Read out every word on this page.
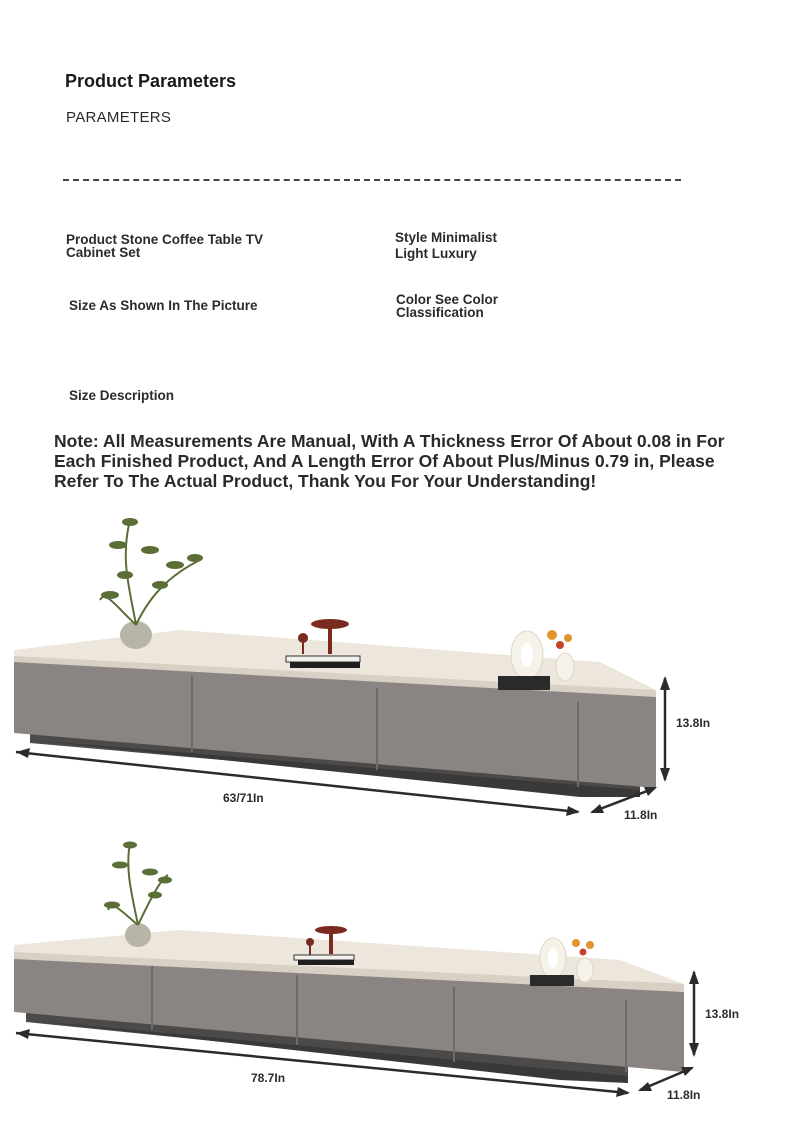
Product Parameters
PARAMETERS
Product Stone Coffee Table TV Cabinet Set
Style Minimalist Light Luxury
Size As Shown In The Picture	Color See Color Classification
Size Description
Note: All Measurements Are Manual, With A Thickness Error Of About 0.08 in For Each Finished Product, And A Length Error Of About Plus/Minus 0.79 in, Please Refer To The Actual Product, Thank You For Your Understanding!
63/71In
13.8In
11.8In
78.7In
13.8In
11.8In
